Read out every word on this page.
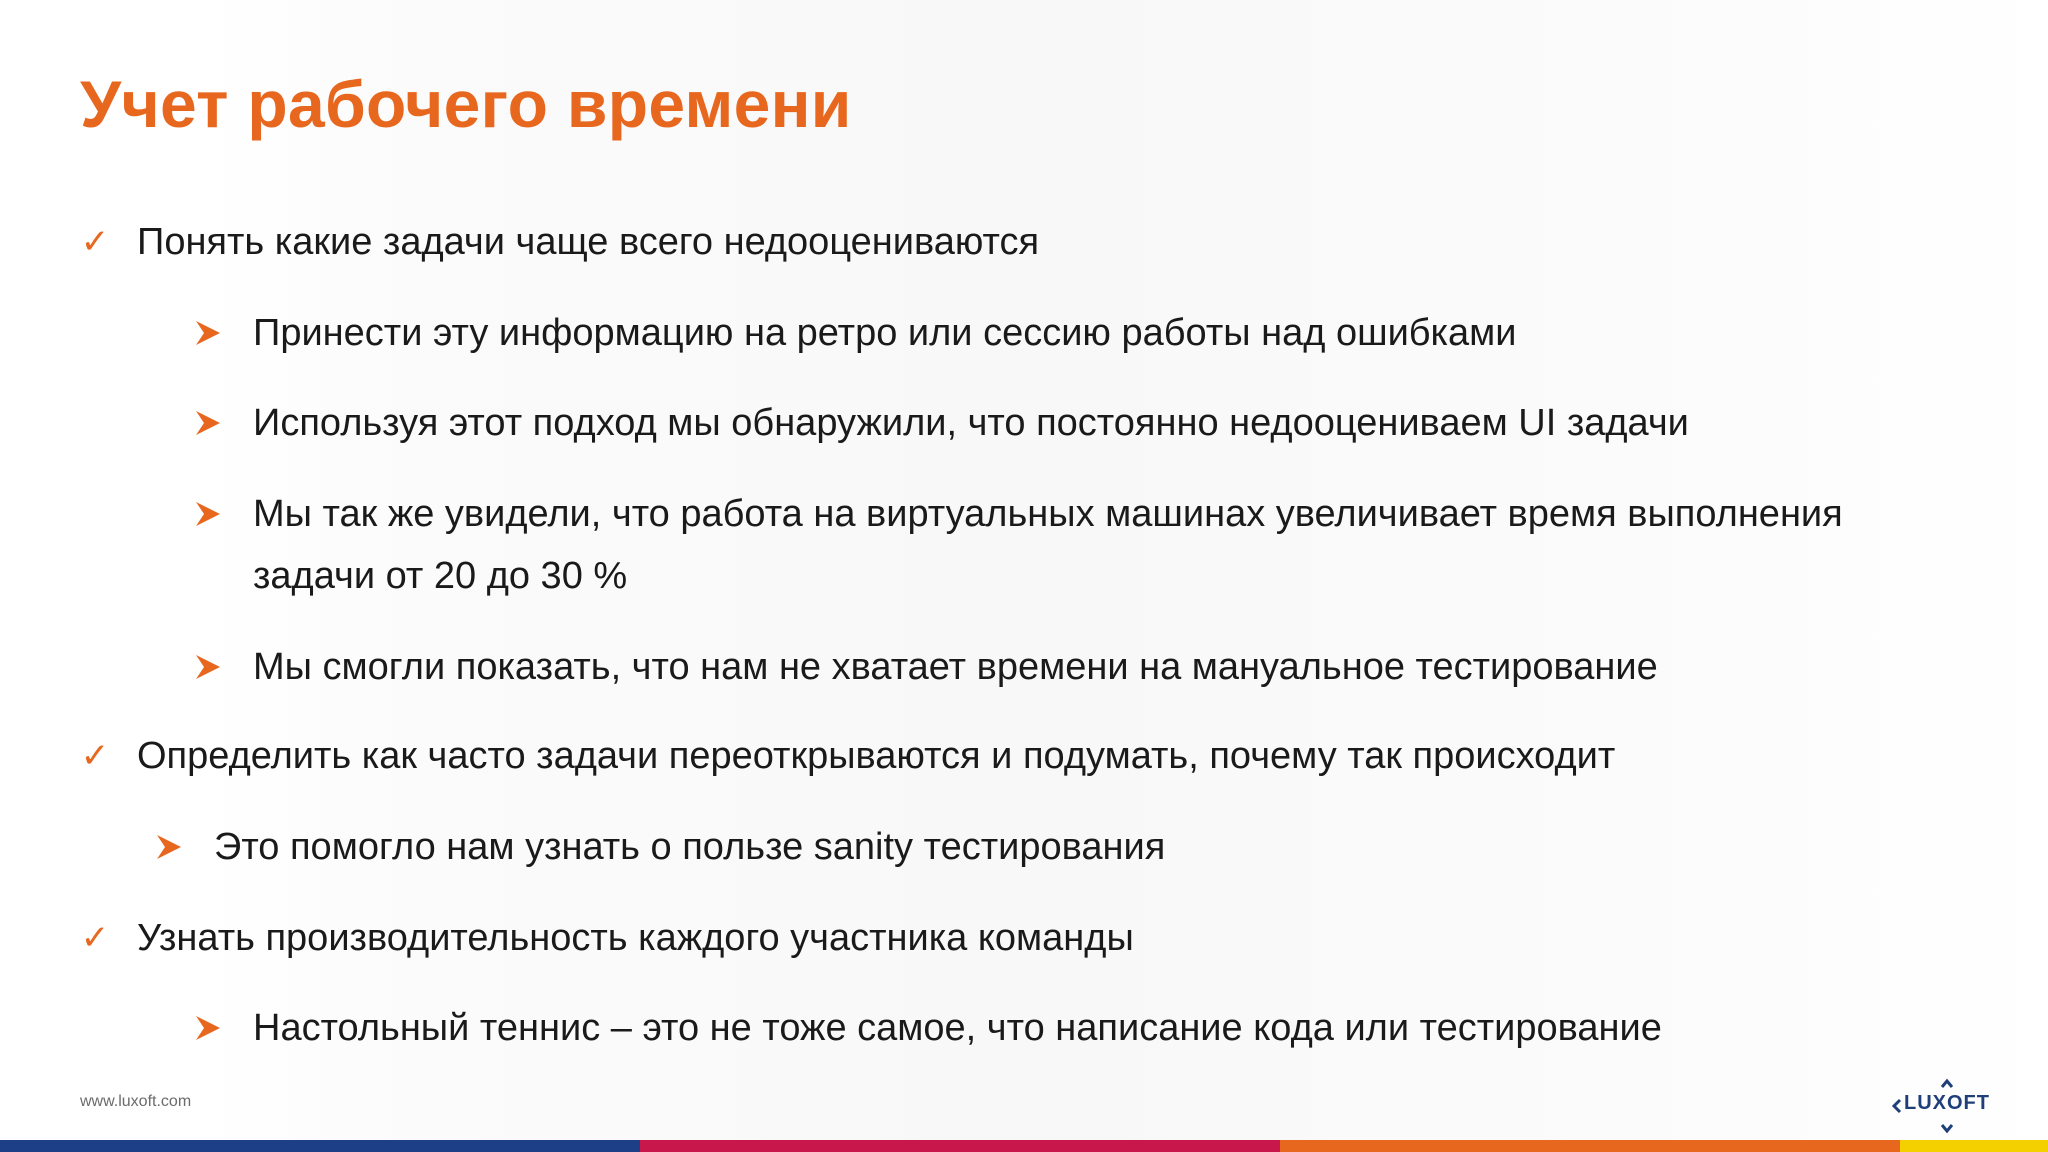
Учет рабочего времени
✓ Понять какие задачи чаще всего недооцениваются
Принести эту информацию на ретро или сессию работы над ошибками
Используя этот подход мы обнаружили, что постоянно недооцениваем UI задачи
Мы так же увидели, что работа на виртуальных машинах увеличивает время выполнения
задачи от 20 до 30 %
Мы смогли показать, что нам не хватает времени на мануальное тестирование
✓ Определить как часто задачи переоткрываются и подумать, почему так происходит
Это помогло нам узнать о пользе sanity тестирования
✓ Узнать производительность каждого участника команды
Настольный теннис – это не тоже самое, что написание кода или тестирование
www.luxoft.com	LUXOFT
